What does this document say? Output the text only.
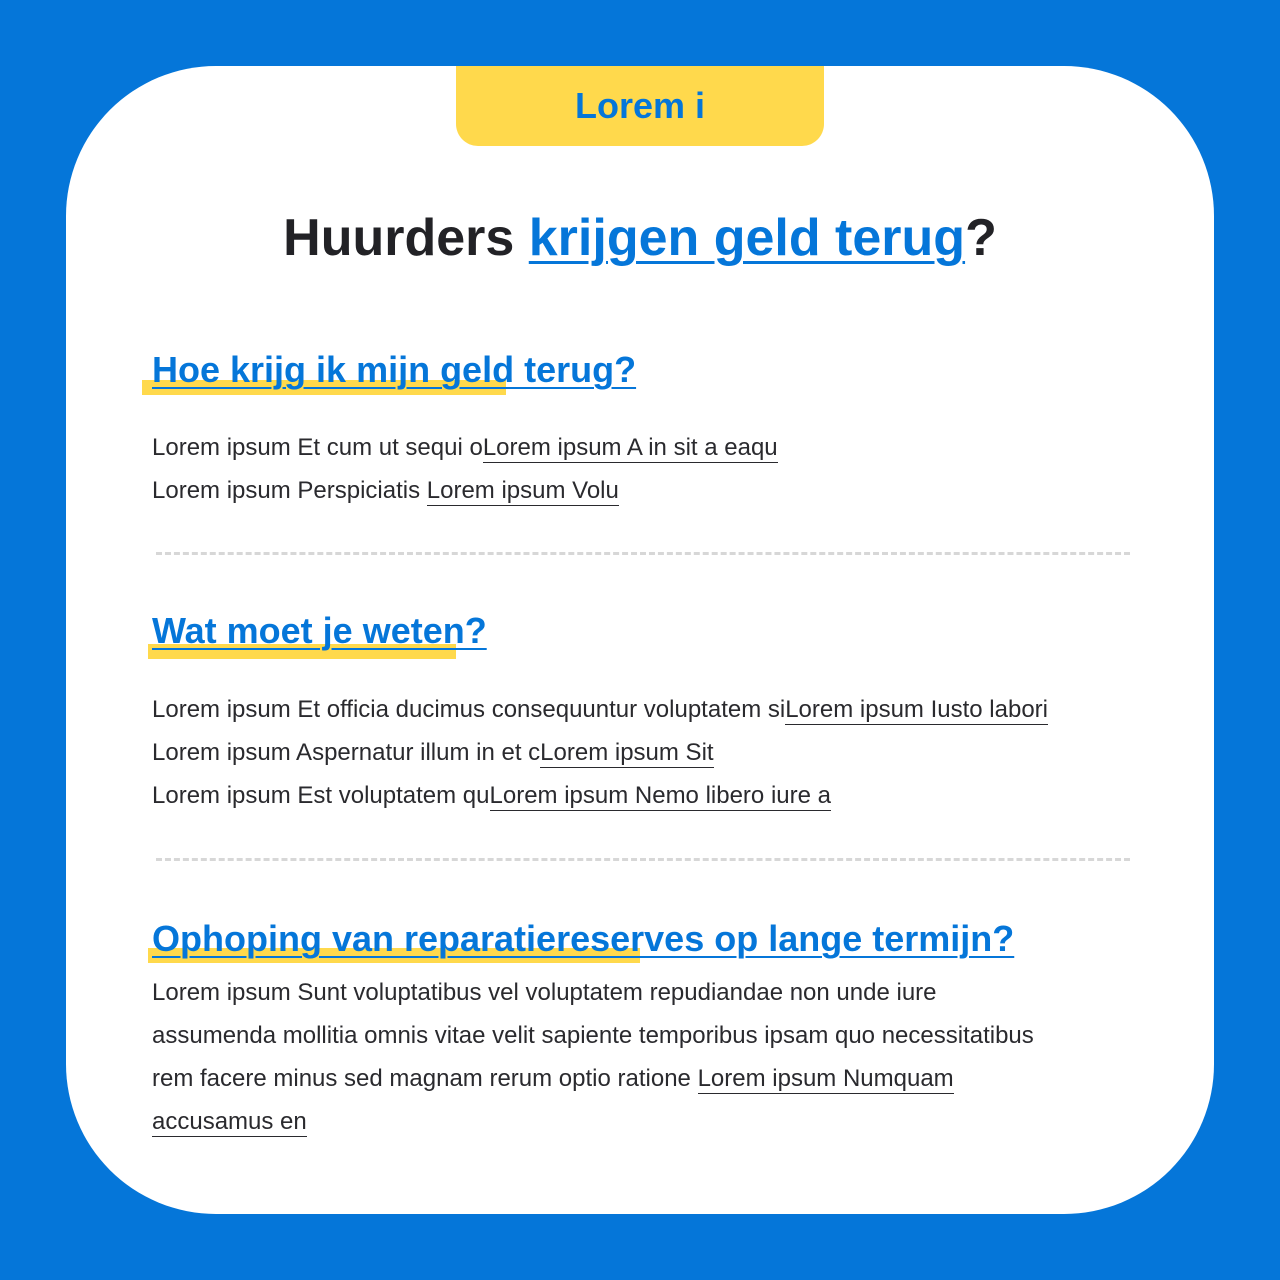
Lorem i
Huurders krijgen geld terug?
Hoe krijg ik mijn geld terug?
Lorem ipsum Et cum ut sequi oLorem ipsum A in sit a eaqu
Lorem ipsum Perspiciatis Lorem ipsum Volu
Wat moet je weten?
Lorem ipsum Et officia ducimus consequuntur voluptatem siLorem ipsum Iusto labori
Lorem ipsum Aspernatur illum in et cLorem ipsum Sit
Lorem ipsum Est voluptatem quLorem ipsum Nemo libero iure a
Ophoping van reparatiereserves op lange termijn?
Lorem ipsum Sunt voluptatibus vel voluptatem repudiandae non unde iure
assumenda mollitia omnis vitae velit sapiente temporibus ipsam quo necessitatibus
rem facere minus sed magnam rerum optio ratione Lorem ipsum Numquam
accusamus en
